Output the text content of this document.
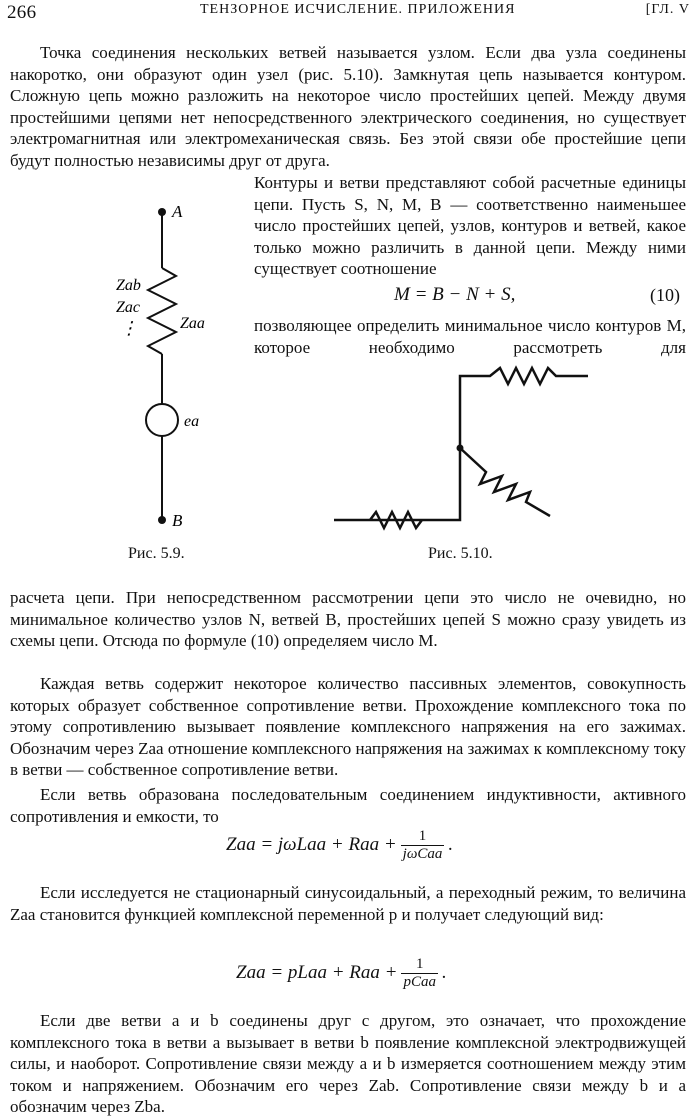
266	ТЕНЗОРНОЕ ИСЧИСЛЕНИЕ. ПРИЛОЖЕНИЯ	[ГЛ. V

Точка соединения нескольких ветвей называется узлом. Если два узла соединены накоротко, они образуют один узел (рис. 5.10). Замкнутая цепь называется контуром. Сложную цепь можно разложить на некоторое число простейших цепей. Между двумя простейшими цепями нет непосредственного электрического соединения, но существует электромагнитная или электромеханическая связь. Без этой связи обе простейшие цепи будут полностью независимы друг от друга.

Контуры и ветви представляют собой расчетные единицы цепи. Пусть S, N, M, B — соответственно наименьшее число простейших цепей, узлов, контуров и ветвей, какое только можно различить в данной цепи. Между ними существует соотношение

M = B − N + S,	(10)

позволяющее определить минимальное число контуров M, которое необходимо рассмотреть для

A
B
Zab
Zac
⋮	Zaa
ea
Рис. 5.9.	Рис. 5.10.

расчета цепи. При непосредственном рассмотрении цепи это число не очевидно, но минимальное количество узлов N, ветвей B, простейших цепей S можно сразу увидеть из схемы цепи. Отсюда по формуле (10) определяем число M.

Каждая ветвь содержит некоторое количество пассивных элементов, совокупность которых образует собственное сопротивление ветви. Прохождение комплексного тока по этому сопротивлению вызывает появление комплексного напряжения на его зажимах. Обозначим через Zaa отношение комплексного напряжения на зажимах к комплексному току в ветви — собственное сопротивление ветви.

Если ветвь образована последовательным соединением индуктивности, активного сопротивления и емкости, то

Zaa = jωLaa + Raa + $\frac{1}{\text{jωCaa}}$ .

Если исследуется не стационарный синусоидальный, а переходный режим, то величина Zaa становится функцией комплексной переменной p и получает следующий вид:

Zaa = pLaa + Raa + $\frac{1}{\text{pCaa}}$ .

Если две ветви a и b соединены друг с другом, это означает, что прохождение комплексного тока в ветви a вызывает в ветви b появление комплексной электродвижущей силы, и наоборот. Сопротивление связи между a и b измеряется соотношением между этим током и напряжением. Обозначим его через Zab. Сопротивление связи между b и a обозначим через Zba.
